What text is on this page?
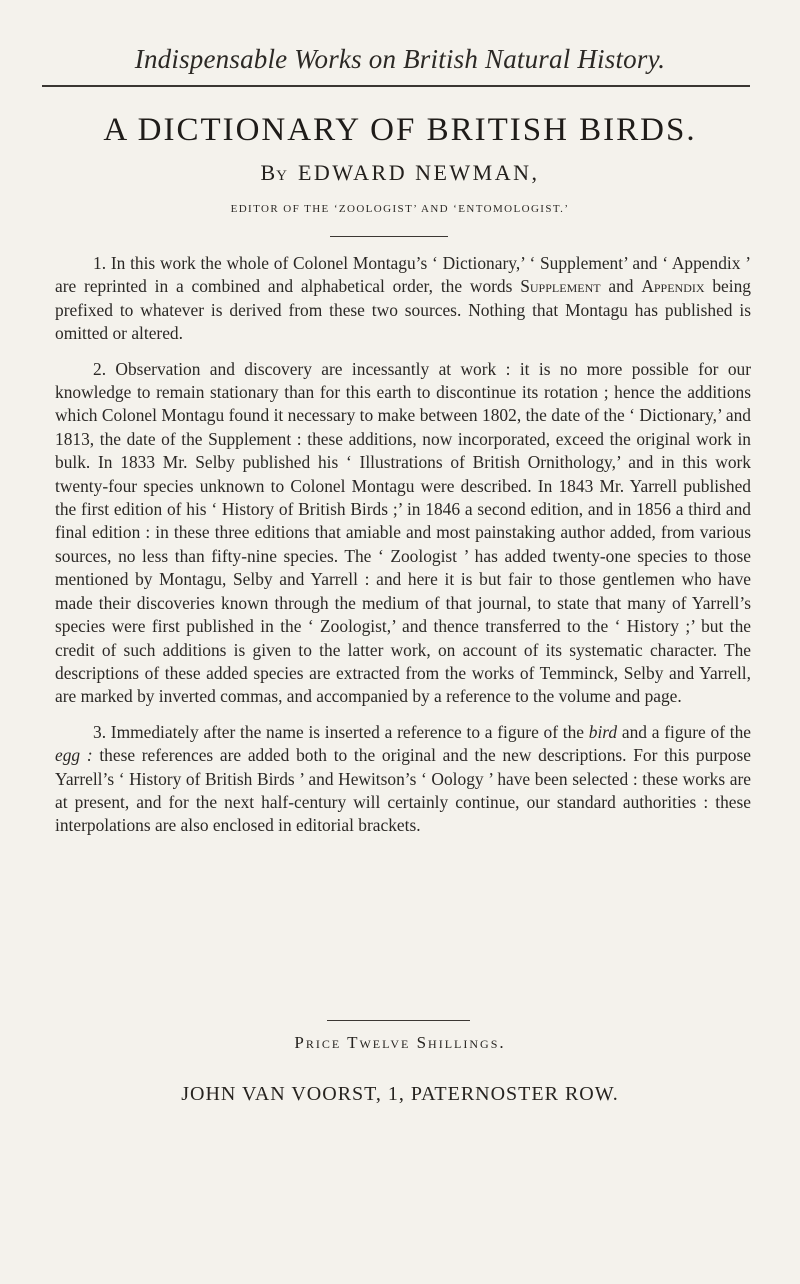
Indispensable Works on British Natural History.
A DICTIONARY OF BRITISH BIRDS.
By EDWARD NEWMAN,
EDITOR OF THE ‘ZOOLOGIST’ AND ‘ENTOMOLOGIST.’

1. In this work the whole of Colonel Montagu’s ‘ Dictionary,’ ‘ Supplement’ and ‘ Appendix ’ are reprinted in a combined and alphabetical order, the words Supplement and Appendix being prefixed to whatever is derived from these two sources. Nothing that Montagu has published is omitted or altered.

2. Observation and discovery are incessantly at work : it is no more possible for our knowledge to remain stationary than for this earth to discontinue its rotation ; hence the additions which Colonel Montagu found it necessary to make between 1802, the date of the ‘ Dictionary,’ and 1813, the date of the Supplement : these additions, now incorporated, exceed the original work in bulk. In 1833 Mr. Selby published his ‘ Illustrations of British Ornithology,’ and in this work twenty-four species unknown to Colonel Montagu were described. In 1843 Mr. Yarrell published the first edition of his ‘ History of British Birds ;’ in 1846 a second edition, and in 1856 a third and final edition : in these three editions that amiable and most painstaking author added, from various sources, no less than fifty-nine species. The ‘ Zoologist ’ has added twenty-one species to those mentioned by Montagu, Selby and Yarrell : and here it is but fair to those gentlemen who have made their discoveries known through the medium of that journal, to state that many of Yarrell’s species were first published in the ‘ Zoologist,’ and thence transferred to the ‘ History ;’ but the credit of such additions is given to the latter work, on account of its systematic character. The descriptions of these added species are extracted from the works of Temminck, Selby and Yarrell, are marked by inverted commas, and accompanied by a reference to the volume and page.

3. Immediately after the name is inserted a reference to a figure of the bird and a figure of the egg : these references are added both to the original and the new descriptions. For this purpose Yarrell’s ‘ History of British Birds ’ and Hewitson’s ‘ Oology ’ have been selected : these works are at present, and for the next half-century will certainly continue, our standard authorities : these interpolations are also enclosed in editorial brackets.

Price Twelve Shillings.
JOHN VAN VOORST, 1, PATERNOSTER ROW.
